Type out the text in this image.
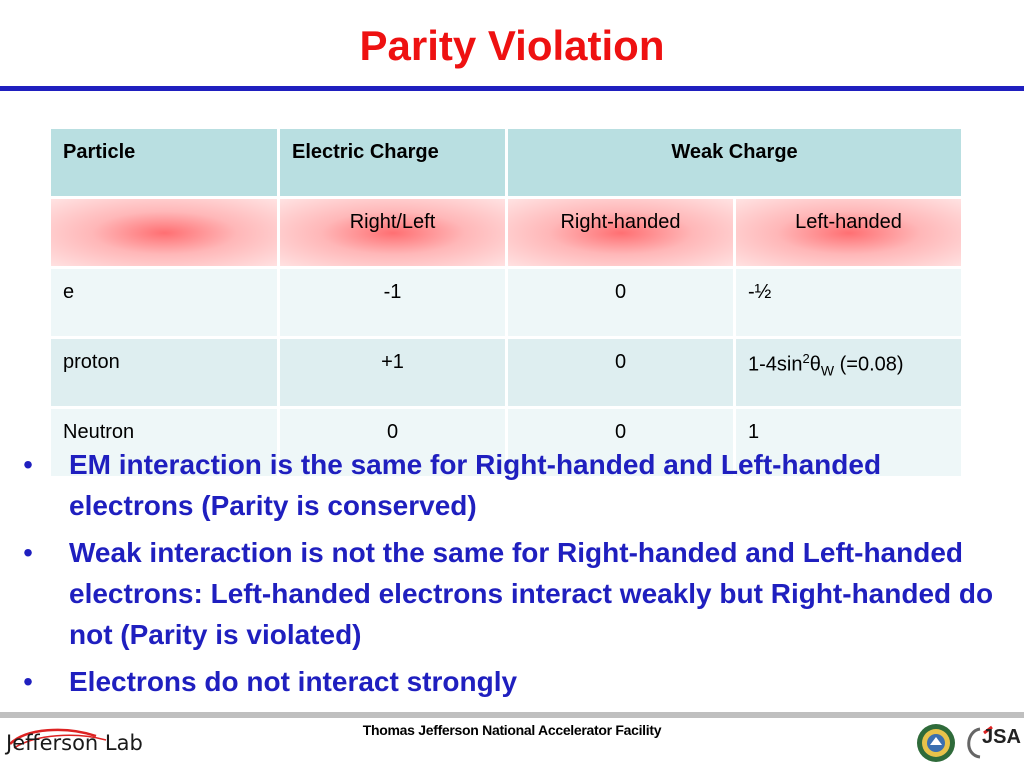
Parity Violation
Particle	Electric Charge	Weak Charge	
	Right/Left	Right-handed	Left-handed
e	-1	0	-½
proton	+1	0	$1-4\sin^2\theta_W$ (=0.08)
Neutron	0	0	1
• EM interaction is the same for Right-handed and Left-handed electrons (Parity is conserved)
• Weak interaction is not the same for Right-handed and Left-handed electrons: Left-handed electrons interact weakly but Right-handed do not (Parity is violated)
• Electrons do not interact strongly
Thomas Jefferson National Accelerator Facility
Jefferson Lab	JSA
